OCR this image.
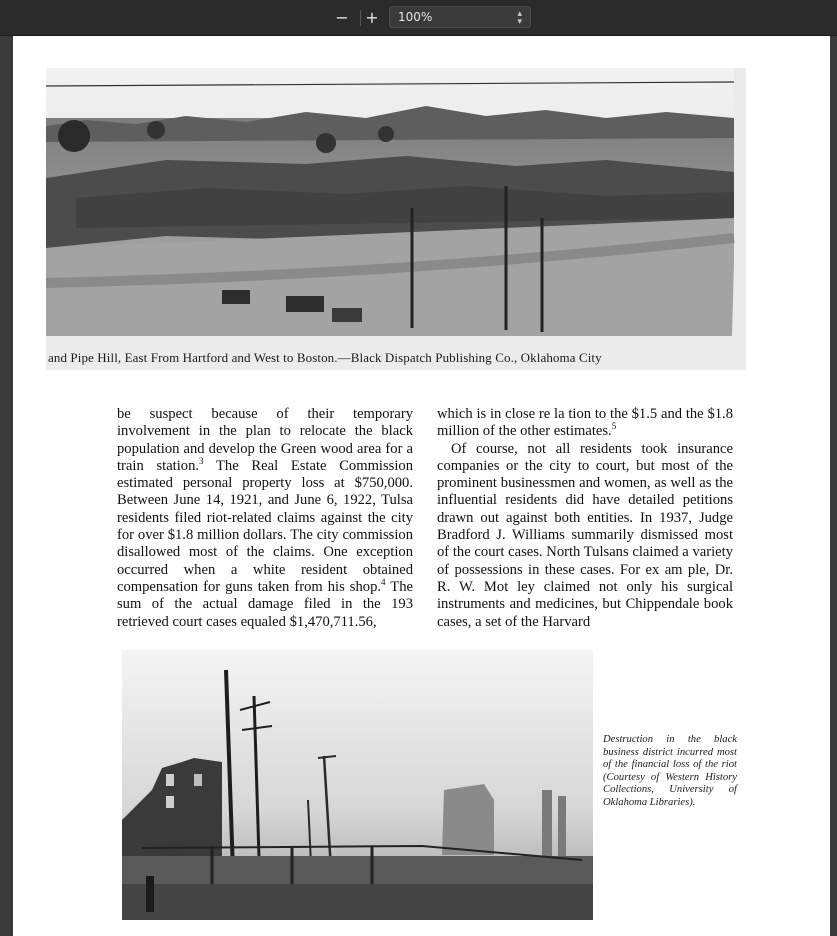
− +	100%	▴
▾
and Pipe Hill, East From Hartford and West to Boston.—Black Dispatch Publishing Co., Oklahoma City

be suspect because of their temporary involvement in the plan to relocate the black population and develop the Green wood area for a train station.$^3$ The Real Estate Commission estimated personal property loss at $750,000. Between June 14, 1921, and June 6, 1922, Tulsa residents filed riot-related claims against the city for over $1.8 million dollars. The city commission disallowed most of the claims. One exception occurred when a white resident obtained compensation for guns taken from his shop.$^4$ The sum of the actual damage filed in the 193 retrieved court cases equaled $1,470,711.56,

which is in close re la tion to the $1.5 and the $1.8 million of the other estimates.$^5$

Of course, not all residents took insurance companies or the city to court, but most of the prominent businessmen and women, as well as the influential residents did have detailed petitions drawn out against both entities. In 1937, Judge Bradford J. Williams summarily dismissed most of the court cases. North Tulsans claimed a variety of possessions in these cases. For ex am ple, Dr. R. W. Mot ley claimed not only his surgical instruments and medicines, but Chippendale book cases, a set of the Harvard

Destruction in the black business district incurred most of the financial loss of the riot (Courtesy of Western History Collections, University of Oklahoma Libraries).
